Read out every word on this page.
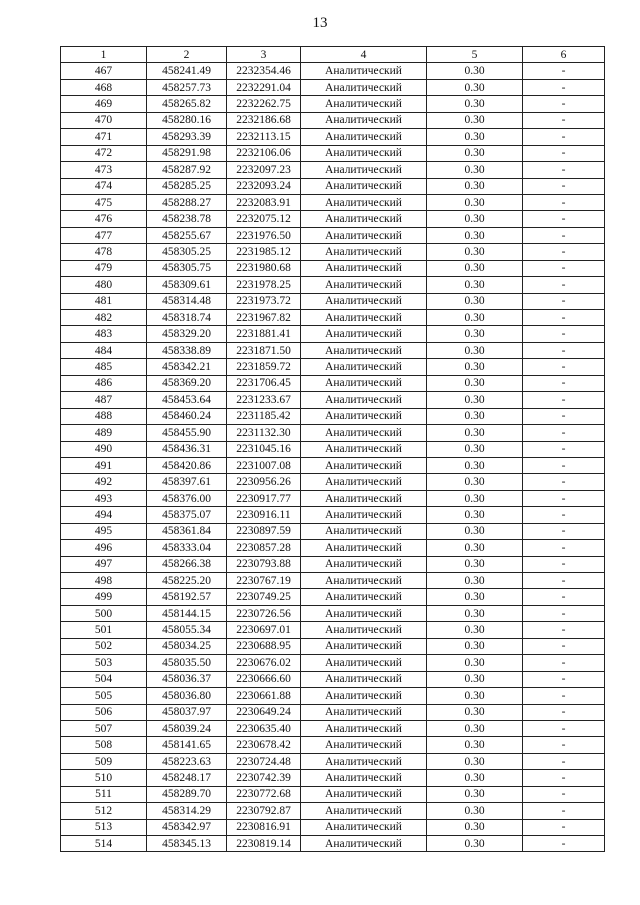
13
1	2	3	4	5	6
467	458241.49	2232354.46	Аналитический	0.30	-
468	458257.73	2232291.04	Аналитический	0.30	-
469	458265.82	2232262.75	Аналитический	0.30	-
470	458280.16	2232186.68	Аналитический	0.30	-
471	458293.39	2232113.15	Аналитический	0.30	-
472	458291.98	2232106.06	Аналитический	0.30	-
473	458287.92	2232097.23	Аналитический	0.30	-
474	458285.25	2232093.24	Аналитический	0.30	-
475	458288.27	2232083.91	Аналитический	0.30	-
476	458238.78	2232075.12	Аналитический	0.30	-
477	458255.67	2231976.50	Аналитический	0.30	-
478	458305.25	2231985.12	Аналитический	0.30	-
479	458305.75	2231980.68	Аналитический	0.30	-
480	458309.61	2231978.25	Аналитический	0.30	-
481	458314.48	2231973.72	Аналитический	0.30	-
482	458318.74	2231967.82	Аналитический	0.30	-
483	458329.20	2231881.41	Аналитический	0.30	-
484	458338.89	2231871.50	Аналитический	0.30	-
485	458342.21	2231859.72	Аналитический	0.30	-
486	458369.20	2231706.45	Аналитический	0.30	-
487	458453.64	2231233.67	Аналитический	0.30	-
488	458460.24	2231185.42	Аналитический	0.30	-
489	458455.90	2231132.30	Аналитический	0.30	-
490	458436.31	2231045.16	Аналитический	0.30	-
491	458420.86	2231007.08	Аналитический	0.30	-
492	458397.61	2230956.26	Аналитический	0.30	-
493	458376.00	2230917.77	Аналитический	0.30	-
494	458375.07	2230916.11	Аналитический	0.30	-
495	458361.84	2230897.59	Аналитический	0.30	-
496	458333.04	2230857.28	Аналитический	0.30	-
497	458266.38	2230793.88	Аналитический	0.30	-
498	458225.20	2230767.19	Аналитический	0.30	-
499	458192.57	2230749.25	Аналитический	0.30	-
500	458144.15	2230726.56	Аналитический	0.30	-
501	458055.34	2230697.01	Аналитический	0.30	-
502	458034.25	2230688.95	Аналитический	0.30	-
503	458035.50	2230676.02	Аналитический	0.30	-
504	458036.37	2230666.60	Аналитический	0.30	-
505	458036.80	2230661.88	Аналитический	0.30	-
506	458037.97	2230649.24	Аналитический	0.30	-
507	458039.24	2230635.40	Аналитический	0.30	-
508	458141.65	2230678.42	Аналитический	0.30	-
509	458223.63	2230724.48	Аналитический	0.30	-
510	458248.17	2230742.39	Аналитический	0.30	-
511	458289.70	2230772.68	Аналитический	0.30	-
512	458314.29	2230792.87	Аналитический	0.30	-
513	458342.97	2230816.91	Аналитический	0.30	-
514	458345.13	2230819.14	Аналитический	0.30	-
